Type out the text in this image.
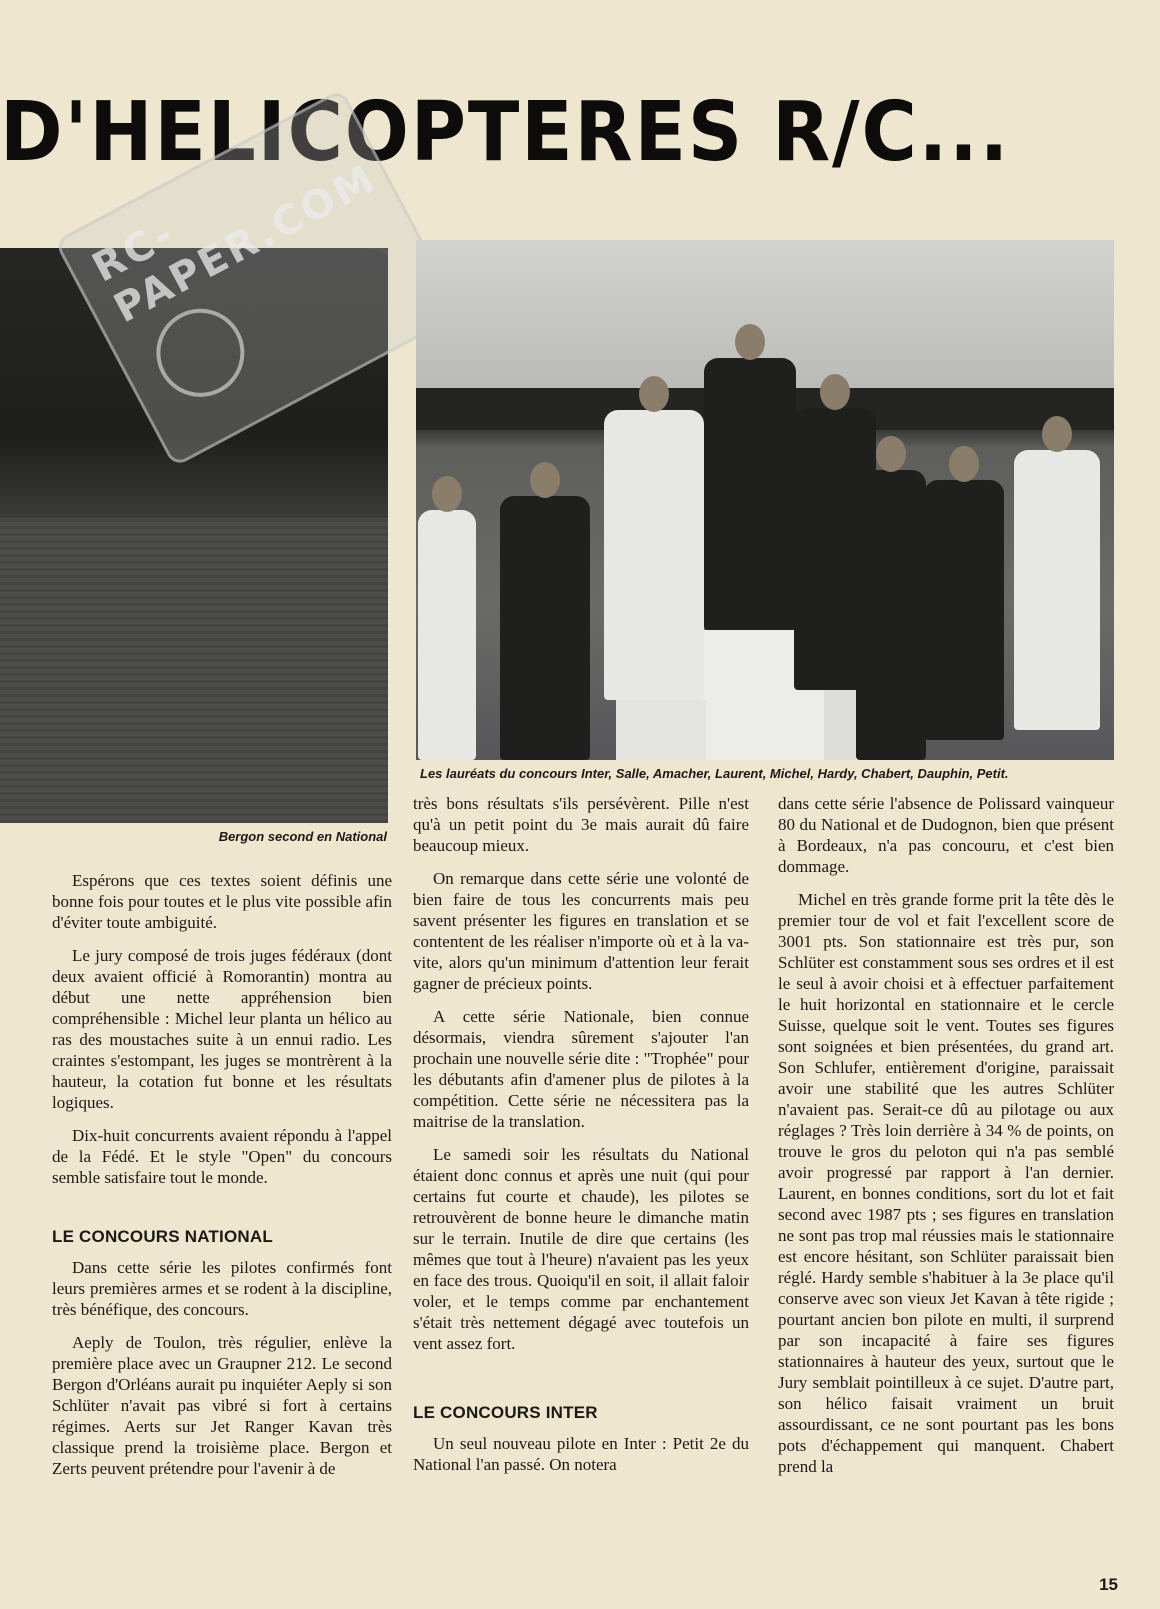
D'HELICOPTERES R/C...
RC-PAPER.COM
Bergon second en National
Les lauréats du concours Inter, Salle, Amacher, Laurent, Michel, Hardy, Chabert, Dauphin, Petit.

Espérons que ces textes soient définis une bonne fois pour toutes et le plus vite possible afin d'éviter toute ambiguité.

Le jury composé de trois juges fédéraux (dont deux avaient officié à Romorantin) montra au début une nette appréhension bien compréhensible : Michel leur planta un hélico au ras des moustaches suite à un ennui radio. Les craintes s'estompant, les juges se montrèrent à la hauteur, la cotation fut bonne et les résultats logiques.

Dix-huit concurrents avaient répondu à l'appel de la Fédé. Et le style "Open" du concours semble satisfaire tout le monde.

LE CONCOURS NATIONAL

Dans cette série les pilotes confirmés font leurs premières armes et se rodent à la discipline, très bénéfique, des concours.

Aeply de Toulon, très régulier, enlève la première place avec un Graupner 212. Le second Bergon d'Orléans aurait pu inquiéter Aeply si son Schlüter n'avait pas vibré si fort à certains régimes. Aerts sur Jet Ranger Kavan très classique prend la troisième place. Bergon et Zerts peuvent prétendre pour l'avenir à de

très bons résultats s'ils persévèrent. Pille n'est qu'à un petit point du 3e mais aurait dû faire beaucoup mieux.

On remarque dans cette série une volonté de bien faire de tous les concurrents mais peu savent présenter les figures en translation et se contentent de les réaliser n'importe où et à la va-vite, alors qu'un minimum d'attention leur ferait gagner de précieux points.

A cette série Nationale, bien connue désormais, viendra sûrement s'ajouter l'an prochain une nouvelle série dite : "Trophée" pour les débutants afin d'amener plus de pilotes à la compétition. Cette série ne nécessitera pas la maitrise de la translation.

Le samedi soir les résultats du National étaient donc connus et après une nuit (qui pour certains fut courte et chaude), les pilotes se retrouvèrent de bonne heure le dimanche matin sur le terrain. Inutile de dire que certains (les mêmes que tout à l'heure) n'avaient pas les yeux en face des trous. Quoiqu'il en soit, il allait faloir voler, et le temps comme par enchantement s'était très nettement dégagé avec toutefois un vent assez fort.

LE CONCOURS INTER

Un seul nouveau pilote en Inter : Petit 2e du National l'an passé. On notera

dans cette série l'absence de Polissard vainqueur 80 du National et de Dudognon, bien que présent à Bordeaux, n'a pas concouru, et c'est bien dommage.

Michel en très grande forme prit la tête dès le premier tour de vol et fait l'excellent score de 3001 pts. Son stationnaire est très pur, son Schlüter est constamment sous ses ordres et il est le seul à avoir choisi et à effectuer parfaitement le huit horizontal en stationnaire et le cercle Suisse, quelque soit le vent. Toutes ses figures sont soignées et bien présentées, du grand art. Son Schlufer, entièrement d'origine, paraissait avoir une stabilité que les autres Schlüter n'avaient pas. Serait-ce dû au pilotage ou aux réglages ? Très loin derrière à 34 % de points, on trouve le gros du peloton qui n'a pas semblé avoir progressé par rapport à l'an dernier. Laurent, en bonnes conditions, sort du lot et fait second avec 1987 pts ; ses figures en translation ne sont pas trop mal réussies mais le stationnaire est encore hésitant, son Schlüter paraissait bien réglé. Hardy semble s'habituer à la 3e place qu'il conserve avec son vieux Jet Kavan à tête rigide ; pourtant ancien bon pilote en multi, il surprend par son incapacité à faire ses figures stationnaires à hauteur des yeux, surtout que le Jury semblait pointilleux à ce sujet. D'autre part, son hélico faisait vraiment un bruit assourdissant, ce ne sont pourtant pas les bons pots d'échappement qui manquent. Chabert prend la

15
